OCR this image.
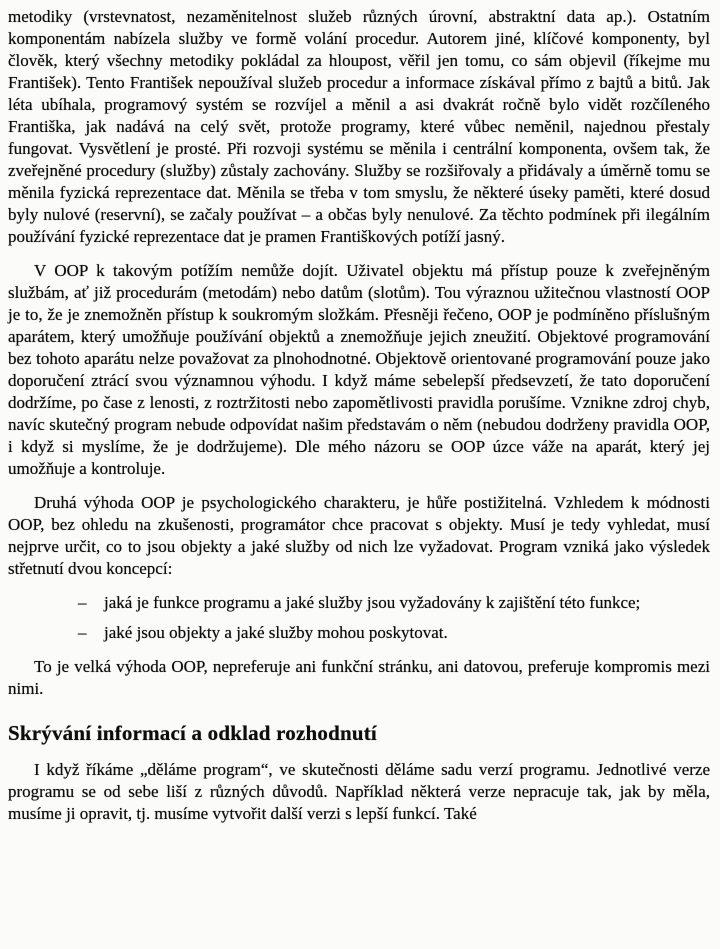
metodiky (vrstevnatost, nezaměnitelnost služeb různých úrovní, abstraktní data ap.). Ostatním komponentám nabízela služby ve formě volání procedur. Autorem jiné, klíčové komponenty, byl člověk, který všechny metodiky pokládal za hloupost, věřil jen tomu, co sám objevil (říkejme mu František). Tento František nepoužíval služeb procedur a informace získával přímo z bajtů a bitů. Jak léta ubíhala, programový systém se rozvíjel a měnil a asi dvakrát ročně bylo vidět rozčíleného Františka, jak nadává na celý svět, protože programy, které vůbec neměnil, najednou přestaly fungovat. Vysvětlení je prosté. Při rozvoji systému se měnila i centrální komponenta, ovšem tak, že zveřejněné procedury (služby) zůstaly zachovány. Služby se rozšiřovaly a přidávaly a úměrně tomu se měnila fyzická reprezentace dat. Měnila se třeba v tom smyslu, že některé úseky paměti, které dosud byly nulové (reservní), se začaly používat – a občas byly nenulové. Za těchto podmínek při ilegálním používání fyzické reprezentace dat je pramen Františkových potíží jasný.

V OOP k takovým potížím nemůže dojít. Uživatel objektu má přístup pouze k zveřejněným službám, ať již procedurám (metodám) nebo datům (slotům). Tou výraznou užitečnou vlastností OOP je to, že je znemožněn přístup k soukromým složkám. Přesněji řečeno, OOP je podmíněno příslušným aparátem, který umožňuje používání objektů a znemožňuje jejich zneužití. Objektové programování bez tohoto aparátu nelze považovat za plnohodnotné. Objektově orientované programování pouze jako doporučení ztrácí svou významnou výhodu. I když máme sebelepší předsevzetí, že tato doporučení dodržíme, po čase z lenosti, z roztržitosti nebo zapomětlivosti pravidla porušíme. Vznikne zdroj chyb, navíc skutečný program nebude odpovídat našim představám o něm (nebudou dodrženy pravidla OOP, i když si myslíme, že je dodržujeme). Dle mého názoru se OOP úzce váže na aparát, který jej umožňuje a kontroluje.

Druhá výhoda OOP je psychologického charakteru, je hůře postižitelná. Vzhledem k módnosti OOP, bez ohledu na zkušenosti, programátor chce pracovat s objekty. Musí je tedy vyhledat, musí nejprve určit, co to jsou objekty a jaké služby od nich lze vyžadovat. Program vzniká jako výsledek střetnutí dvou koncepcí:

–	jaká je funkce programu a jaké služby jsou vyžadovány k zajištění této funkce;
–	jaké jsou objekty a jaké služby mohou poskytovat.

To je velká výhoda OOP, nepreferuje ani funkční stránku, ani datovou, preferuje kompromis mezi nimi.

Skrývání informací a odklad rozhodnutí

I když říkáme „děláme program“, ve skutečnosti děláme sadu verzí programu. Jednotlivé verze programu se od sebe liší z různých důvodů. Například některá verze nepracuje tak, jak by měla, musíme ji opravit, tj. musíme vytvořit další verzi s lepší funkcí. Také
